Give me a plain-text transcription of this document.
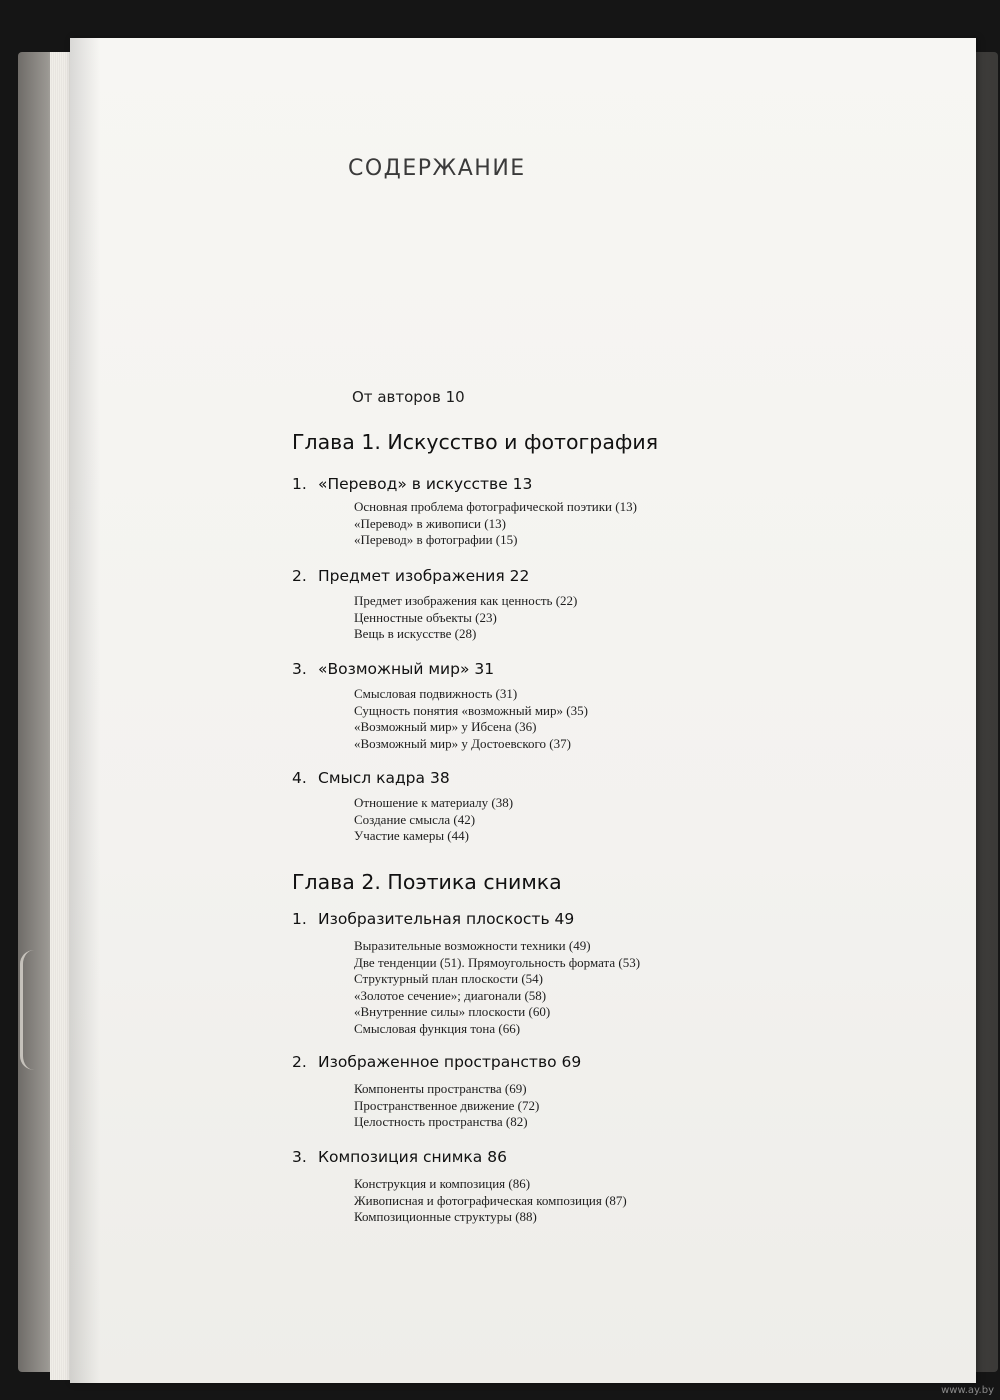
СОДЕРЖАНИЕ
От авторов 10
Глава 1. Искусство и фотография
1. «Перевод» в искусстве 13
Основная проблема фотографической поэтики (13)
«Перевод» в живописи (13)
«Перевод» в фотографии (15)
2. Предмет изображения 22
Предмет изображения как ценность (22)
Ценностные объекты (23)
Вещь в искусстве (28)
3. «Возможный мир» 31
Смысловая подвижность (31)
Сущность понятия «возможный мир» (35)
«Возможный мир» у Ибсена (36)
«Возможный мир» у Достоевского (37)
4. Смысл кадра 38
Отношение к материалу (38)
Создание смысла (42)
Участие камеры (44)
Глава 2. Поэтика снимка
1. Изобразительная плоскость 49
Выразительные возможности техники (49)
Две тенденции (51). Прямоугольность формата (53)
Структурный план плоскости (54)
«Золотое сечение»; диагонали (58)
«Внутренние силы» плоскости (60)
Смысловая функция тона (66)
2. Изображенное пространство 69
Компоненты пространства (69)
Пространственное движение (72)
Целостность пространства (82)
3. Композиция снимка 86
Конструкция и композиция (86)
Живописная и фотографическая композиция (87)
Композиционные структуры (88)
www.ay.by
